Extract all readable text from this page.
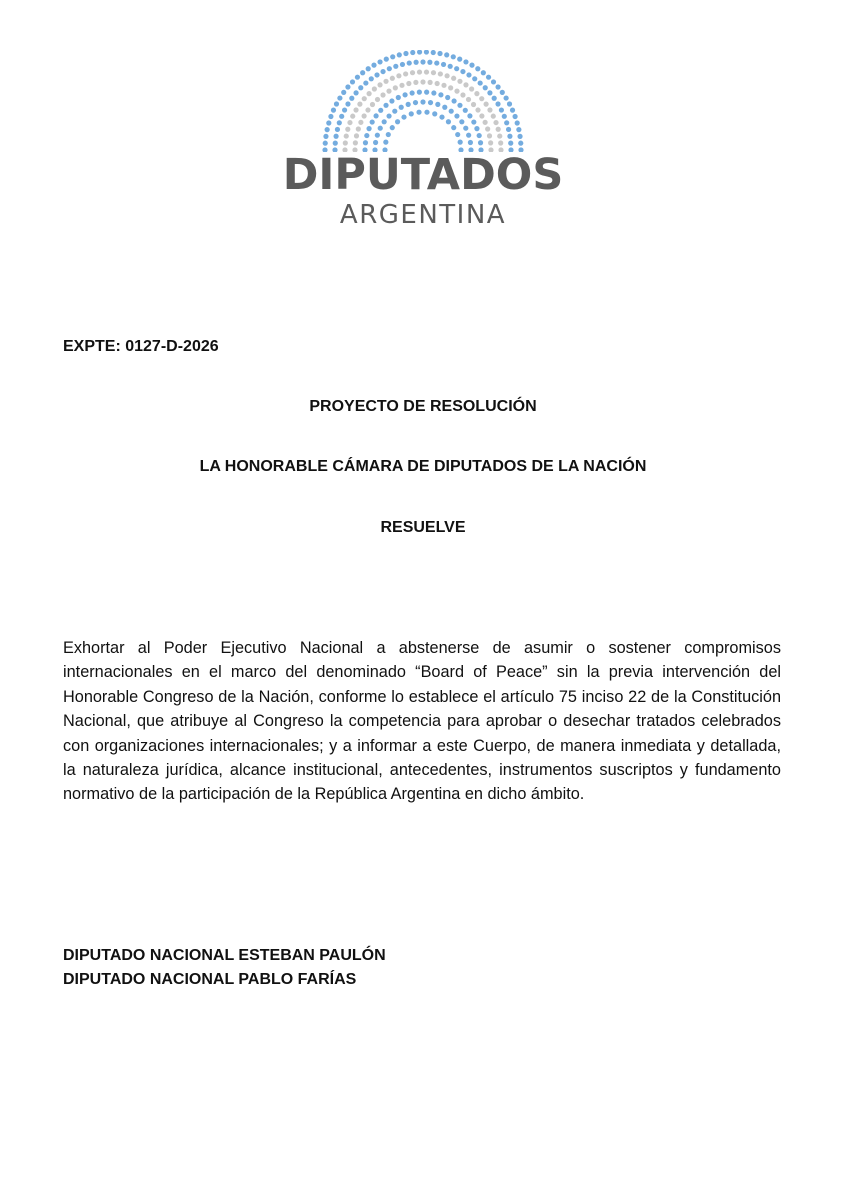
DIPUTADOS
ARGENTINA
EXPTE: 0127-D-2026
PROYECTO DE RESOLUCIÓN
LA HONORABLE CÁMARA DE DIPUTADOS DE LA NACIÓN
RESUELVE
Exhortar al Poder Ejecutivo Nacional a abstenerse de asumir o sostener compromisos internacionales en el marco del denominado “Board of Peace” sin la previa intervención del Honorable Congreso de la Nación, conforme lo establece el artículo 75 inciso 22 de la Constitución Nacional, que atribuye al Congreso la competencia para aprobar o desechar tratados celebrados con organizaciones internacionales; y a informar a este Cuerpo, de manera inmediata y detallada, la naturaleza jurídica, alcance institucional, antecedentes, instrumentos suscriptos y fundamento normativo de la participación de la República Argentina en dicho ámbito.
DIPUTADO NACIONAL ESTEBAN PAULÓN
DIPUTADO NACIONAL PABLO FARÍAS
